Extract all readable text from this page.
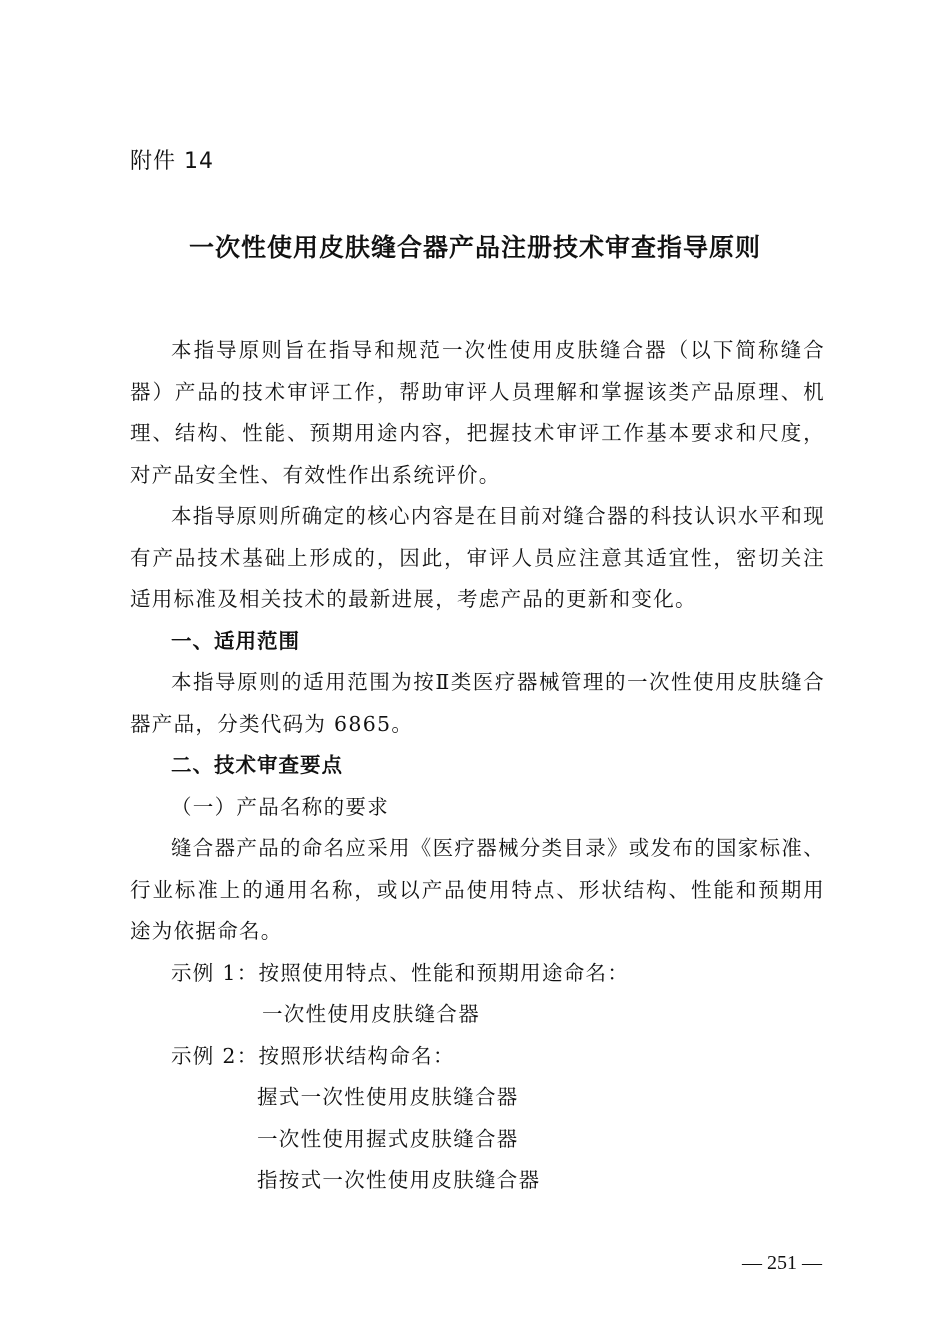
附件 14
一次性使用皮肤缝合器产品注册技术审查指导原则

本指导原则旨在指导和规范一次性使用皮肤缝合器（以下简称缝合器）产品的技术审评工作，帮助审评人员理解和掌握该类产品原理、机理、结构、性能、预期用途内容，把握技术审评工作基本要求和尺度，对产品安全性、有效性作出系统评价。

本指导原则所确定的核心内容是在目前对缝合器的科技认识水平和现有产品技术基础上形成的，因此，审评人员应注意其适宜性，密切关注适用标准及相关技术的最新进展，考虑产品的更新和变化。

一、适用范围

本指导原则的适用范围为按Ⅱ类医疗器械管理的一次性使用皮肤缝合器产品，分类代码为 6865。

二、技术审查要点

（一）产品名称的要求

缝合器产品的命名应采用《医疗器械分类目录》或发布的国家标准、行业标准上的通用名称，或以产品使用特点、形状结构、性能和预期用途为依据命名。

示例 1：按照使用特点、性能和预期用途命名：

一次性使用皮肤缝合器

示例 2：按照形状结构命名：

握式一次性使用皮肤缝合器

一次性使用握式皮肤缝合器

指按式一次性使用皮肤缝合器

— 251 —
